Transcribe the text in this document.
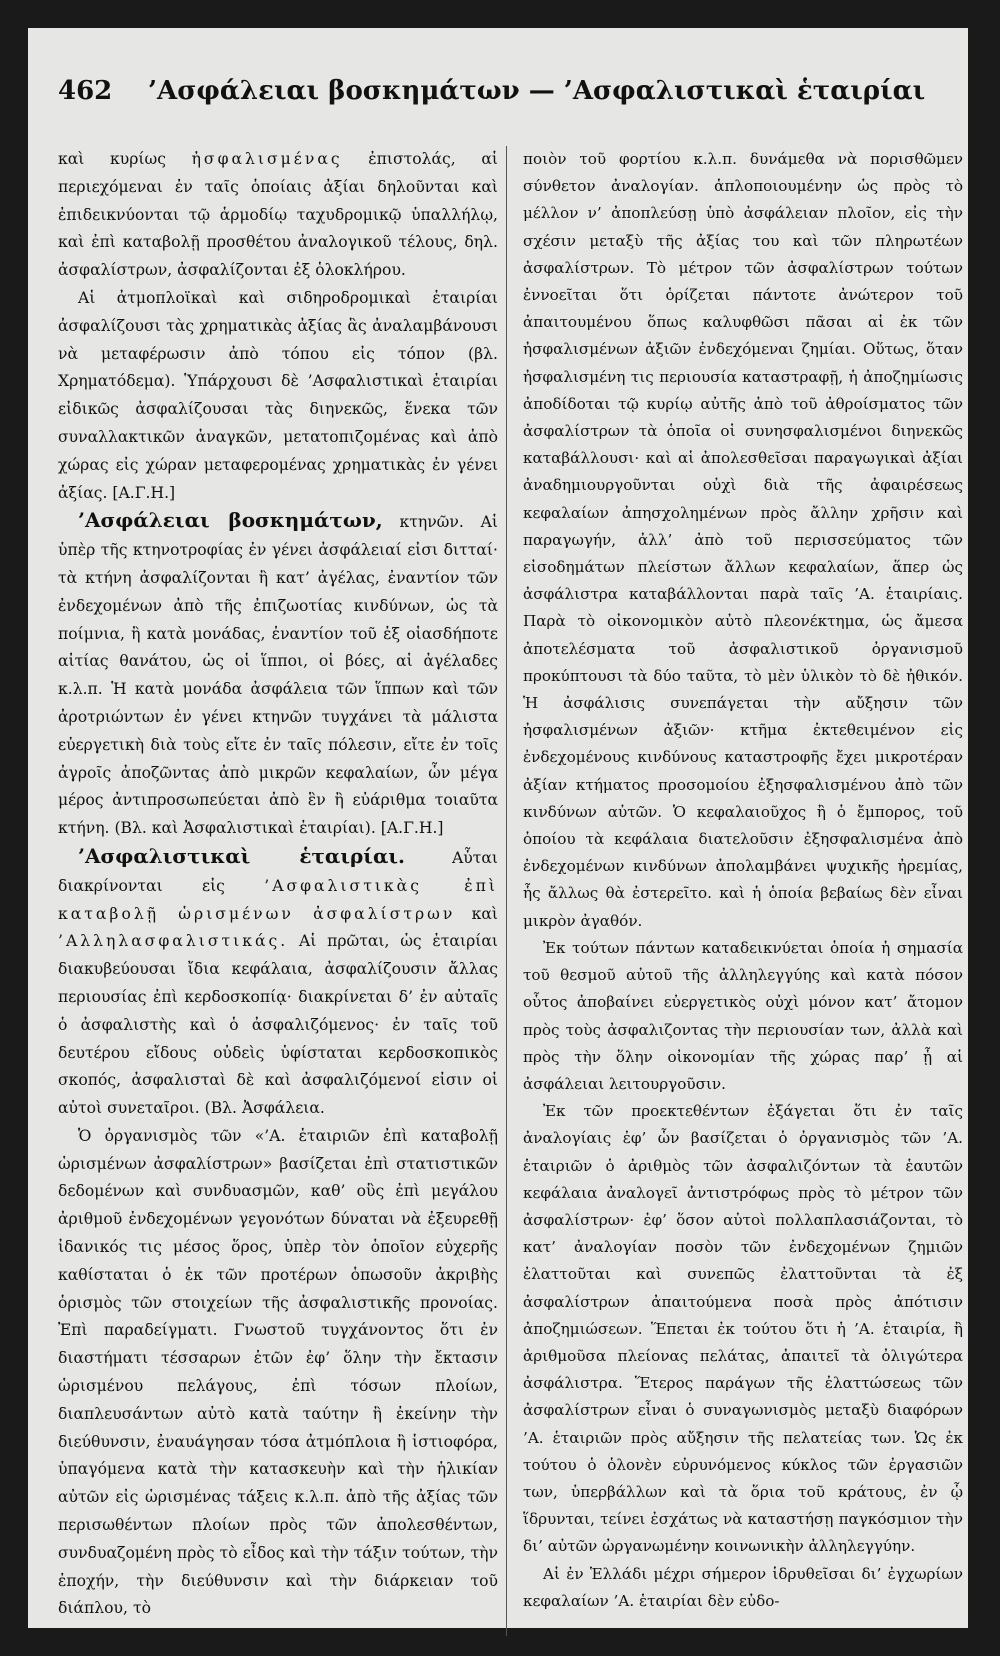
462 ’Ασφάλειαι βοσκημάτων — ’Ασφαλιστικαὶ ἑταιρίαι

καὶ κυρίως ἠσφαλισμένας ἐπιστολάς, αἱ περιεχόμεναι ἐν ταῖς ὁποίαις ἀξίαι δηλοῦνται καὶ ἐπιδεικνύονται τῷ ἁρμοδίῳ ταχυδρομικῷ ὑπαλλήλῳ, καὶ ἐπὶ καταβολῇ προσθέτου ἀναλογικοῦ τέλους, δηλ. ἀσφαλίστρων, ἀσφαλίζονται ἐξ ὁλοκλήρου.

Αἱ ἀτμοπλοϊκαὶ καὶ σιδηροδρομικαὶ ἑταιρίαι ἀσφαλίζουσι τὰς χρηματικὰς ἀξίας ἃς ἀναλαμβάνουσι νὰ μεταφέρωσιν ἀπὸ τόπου εἰς τόπον (βλ. Χρηματόδεμα). Ὑπάρχουσι δὲ ’Ασφαλιστικαὶ ἑταιρίαι εἰδικῶς ἀσφαλίζουσαι τὰς διηνεκῶς, ἕνεκα τῶν συναλλακτικῶν ἀναγκῶν, μετατοπιζομένας καὶ ἀπὸ χώρας εἰς χώραν μεταφερομένας χρηματικὰς ἐν γένει ἀξίας. [Α.Γ.Η.]

’Ασφάλειαι βοσκημάτων, κτηνῶν. Αἱ ὑπὲρ τῆς κτηνοτροφίας ἐν γένει ἀσφάλειαί εἰσι διτταί· τὰ κτήνη ἀσφαλίζονται ἢ κατ’ ἀγέλας, ἐναντίον τῶν ἐνδεχομένων ἀπὸ τῆς ἐπιζωοτίας κινδύνων, ὡς τὰ ποίμνια, ἢ κατὰ μονάδας, ἐναντίον τοῦ ἐξ οἱασδήποτε αἰτίας θανάτου, ὡς οἱ ἵπποι, οἱ βόες, αἱ ἀγέλαδες κ.λ.π. Ἡ κατὰ μονάδα ἀσφάλεια τῶν ἵππων καὶ τῶν ἀροτριώντων ἐν γένει κτηνῶν τυγχάνει τὰ μάλιστα εὐεργετικὴ διὰ τοὺς εἴτε ἐν ταῖς πόλεσιν, εἴτε ἐν τοῖς ἀγροῖς ἀποζῶντας ἀπὸ μικρῶν κεφαλαίων, ὧν μέγα μέρος ἀντιπροσωπεύεται ἀπὸ ἓν ἢ εὐάριθμα τοιαῦτα κτήνη. (Βλ. καὶ Ἀσφαλιστικαὶ ἑταιρίαι). [Α.Γ.Η.]

’Ασφαλιστικαὶ ἑταιρίαι. Αὗται διακρίνονται εἰς ’Ασφαλιστικὰς ἐπὶ καταβολῇ ὡρισμένων ἀσφαλίστρων καὶ ’Αλληλασφαλιστικάς. Αἱ πρῶται, ὡς ἑταιρίαι διακυβεύουσαι ἴδια κεφάλαια, ἀσφαλίζουσιν ἄλλας περιουσίας ἐπὶ κερδοσκοπίᾳ· διακρίνεται δ’ ἐν αὐταῖς ὁ ἀσφαλιστὴς καὶ ὁ ἀσφαλιζόμενος· ἐν ταῖς τοῦ δευτέρου εἴδους οὐδεὶς ὑφίσταται κερδοσκοπικὸς σκοπός, ἀσφαλισταὶ δὲ καὶ ἀσφαλιζόμενοί εἰσιν οἱ αὐτοὶ συνεταῖροι. (Βλ. Ἀσφάλεια.

Ὁ ὀργανισμὸς τῶν «’Α. ἑταιριῶν ἐπὶ καταβολῇ ὡρισμένων ἀσφαλίστρων» βασίζεται ἐπὶ στατιστικῶν δεδομένων καὶ συνδυασμῶν, καθ’ οὓς ἐπὶ μεγάλου ἀριθμοῦ ἐνδεχομένων γεγονότων δύναται νὰ ἐξευρεθῇ ἰδανικός τις μέσος ὅρος, ὑπὲρ τὸν ὁποῖον εὐχερῆς καθίσταται ὁ ἐκ τῶν προτέρων ὁπωσοῦν ἀκριβὴς ὁρισμὸς τῶν στοιχείων τῆς ἀσφαλιστικῆς προνοίας. Ἐπὶ παραδείγματι. Γνωστοῦ τυγχάνοντος ὅτι ἐν διαστήματι τέσσαρων ἐτῶν ἐφ’ ὅλην τὴν ἔκτασιν ὡρισμένου πελάγους, ἐπὶ τόσων πλοίων, διαπλευσάντων αὐτὸ κατὰ ταύτην ἢ ἐκείνην τὴν διεύθυνσιν, ἐναυάγησαν τόσα ἀτμόπλοια ἢ ἱστιοφόρα, ὑπαγόμενα κατὰ τὴν κατασκευὴν καὶ τὴν ἡλικίαν αὐτῶν εἰς ὡρισμένας τάξεις κ.λ.π. ἀπὸ τῆς ἀξίας τῶν περισωθέντων πλοίων πρὸς τῶν ἀπολεσθέντων, συνδυαζομένη πρὸς τὸ εἶδος καὶ τὴν τάξιν τούτων, τὴν ἐποχήν, τὴν διεύθυνσιν καὶ τὴν διάρκειαν τοῦ διάπλου, τὸ

ποιὸν τοῦ φορτίου κ.λ.π. δυνάμεθα νὰ πορισθῶμεν σύνθετον ἀναλογίαν. ἁπλοποιουμένην ὡς πρὸς τὸ μέλλον ν’ ἀποπλεύσῃ ὑπὸ ἀσφάλειαν πλοῖον, εἰς τὴν σχέσιν μεταξὺ τῆς ἀξίας του καὶ τῶν πληρωτέων ἀσφαλίστρων. Τὸ μέτρον τῶν ἀσφαλίστρων τούτων ἐννοεῖται ὅτι ὁρίζεται πάντοτε ἀνώτερον τοῦ ἀπαιτουμένου ὅπως καλυφθῶσι πᾶσαι αἱ ἐκ τῶν ἠσφαλισμένων ἀξιῶν ἐνδεχόμεναι ζημίαι. Οὕτως, ὅταν ἠσφαλισμένη τις περιουσία καταστραφῇ, ἡ ἀποζημίωσις ἀποδίδοται τῷ κυρίῳ αὐτῆς ἀπὸ τοῦ ἀθροίσματος τῶν ἀσφαλίστρων τὰ ὁποῖα οἱ συνησφαλισμένοι διηνεκῶς καταβάλλουσι· καὶ αἱ ἀπολεσθεῖσαι παραγωγικαὶ ἀξίαι ἀναδημιουργοῦνται οὐχὶ διὰ τῆς ἀφαιρέσεως κεφαλαίων ἀπησχολημένων πρὸς ἄλλην χρῆσιν καὶ παραγωγήν, ἀλλ’ ἀπὸ τοῦ περισσεύματος τῶν εἰσοδημάτων πλείστων ἄλλων κεφαλαίων, ἅπερ ὡς ἀσφάλιστρα καταβάλλονται παρὰ ταῖς ’Α. ἑταιρίαις. Παρὰ τὸ οἰκονομικὸν αὐτὸ πλεονέκτημα, ὡς ἄμεσα ἀποτελέσματα τοῦ ἀσφαλιστικοῦ ὀργανισμοῦ προκύπτουσι τὰ δύο ταῦτα, τὸ μὲν ὑλικὸν τὸ δὲ ἠθικόν. Ἡ ἀσφάλισις συνεπάγεται τὴν αὔξησιν τῶν ἠσφαλισμένων ἀξιῶν· κτῆμα ἐκτεθειμένον εἰς ἐνδεχομένους κινδύνους καταστροφῆς ἔχει μικροτέραν ἀξίαν κτήματος προσομοίου ἐξησφαλισμένου ἀπὸ τῶν κινδύνων αὐτῶν. Ὁ κεφαλαιοῦχος ἢ ὁ ἔμπορος, τοῦ ὁποίου τὰ κεφάλαια διατελοῦσιν ἐξησφαλισμένα ἀπὸ ἐνδεχομένων κινδύνων ἀπολαμβάνει ψυχικῆς ἠρεμίας, ἧς ἄλλως θὰ ἐστερεῖτο. καὶ ἡ ὁποία βεβαίως δὲν εἶναι μικρὸν ἀγαθόν.

Ἐκ τούτων πάντων καταδεικνύεται ὁποία ἡ σημασία τοῦ θεσμοῦ αὐτοῦ τῆς ἀλληλεγγύης καὶ κατὰ πόσον οὗτος ἀποβαίνει εὐεργετικὸς οὐχὶ μόνον κατ’ ἄτομον πρὸς τοὺς ἀσφαλιζοντας τὴν περιουσίαν των, ἀλλὰ καὶ πρὸς τὴν ὅλην οἰκονομίαν τῆς χώρας παρ’ ᾗ αἱ ἀσφάλειαι λειτουργοῦσιν.

Ἐκ τῶν προεκτεθέντων ἐξάγεται ὅτι ἐν ταῖς ἀναλογίαις ἐφ’ ὧν βασίζεται ὁ ὀργανισμὸς τῶν ’Α. ἑταιριῶν ὁ ἀριθμὸς τῶν ἀσφαλιζόντων τὰ ἑαυτῶν κεφάλαια ἀναλογεῖ ἀντιστρόφως πρὸς τὸ μέτρον τῶν ἀσφαλίστρων· ἐφ’ ὅσον αὐτοὶ πολλαπλασιάζονται, τὸ κατ’ ἀναλογίαν ποσὸν τῶν ἐνδεχομένων ζημιῶν ἐλαττοῦται καὶ συνεπῶς ἐλαττοῦνται τὰ ἐξ ἀσφαλίστρων ἀπαιτούμενα ποσὰ πρὸς ἀπότισιν ἀποζημιώσεων. Ἕπεται ἐκ τούτου ὅτι ἡ ’Α. ἑταιρία, ἢ ἀριθμοῦσα πλείονας πελάτας, ἀπαιτεῖ τὰ ὀλιγώτερα ἀσφάλιστρα. Ἕτερος παράγων τῆς ἐλαττώσεως τῶν ἀσφαλίστρων εἶναι ὁ συναγωνισμὸς μεταξὺ διαφόρων ’Α. ἑταιριῶν πρὸς αὔξησιν τῆς πελατείας των. Ὡς ἐκ τούτου ὁ ὁλονὲν εὐρυνόμενος κύκλος τῶν ἐργασιῶν των, ὑπερβάλλων καὶ τὰ ὅρια τοῦ κράτους, ἐν ᾧ ἵδρυνται, τείνει ἐσχάτως νὰ καταστήσῃ παγκόσμιον τὴν δι’ αὐτῶν ὠργανωμένην κοινωνικὴν ἀλληλεγγύην.

Αἱ ἐν Ἑλλάδι μέχρι σήμερον ἱδρυθεῖσαι δι’ ἐγχωρίων κεφαλαίων ’Α. ἑταιρίαι δὲν εὐδο-
